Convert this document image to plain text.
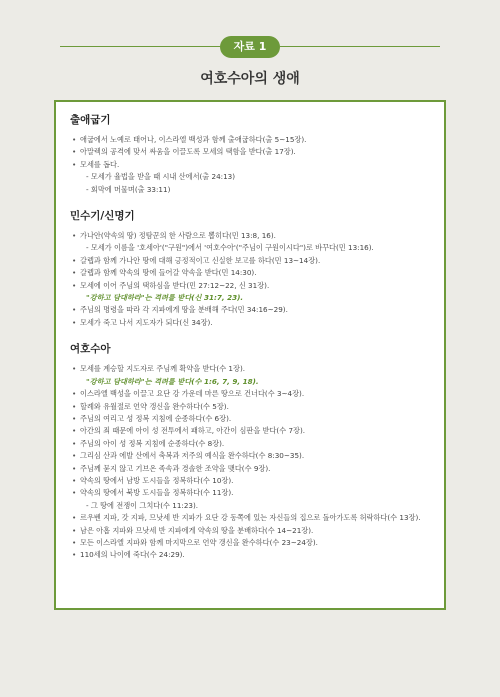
자료 1
여호수아의 생애
출애굽기
• 애굽에서 노예로 태어나, 이스라엘 백성과 함께 출애굽하다(출 5~15장).
• 아말렉의 공격에 맞서 싸움을 이끌도록 모세의 택함을 받다(출 17장).
• 모세를 돕다.
- 모세가 율법을 받을 때 시내 산에서(출 24:13)
- 회막에 머물며(출 33:11)
민수기/신명기
• 가나안(약속의 땅) 정탐꾼의 한 사람으로 뽑히다(민 13:8, 16).
- 모세가 이름을 '호세아'("구원")에서 '여호수아'("주님이 구원이시다")로 바꾸다(민 13:16).
• 갈렙과 함께 가나안 땅에 대해 긍정적이고 신실한 보고를 하다(민 13~14장).
• 갈렙과 함께 약속의 땅에 들어갈 약속을 받다(민 14:30).
• 모세에 이어 주님의 택하심을 받다(민 27:12~22, 신 31장).
"강하고 담대하라"는 격려를 받다(신 31:7, 23).
• 주님의 명령을 따라 각 지파에게 땅을 분배해 주다(민 34:16~29).
• 모세가 죽고 나서 지도자가 되다(신 34장).
여호수아
• 모세를 계승할 지도자로 주님께 확약을 받다(수 1장).
"강하고 담대하라"는 격려를 받다(수 1:6, 7, 9, 18).
• 이스라엘 백성을 이끌고 요단 강 가운데 마른 땅으로 건너다(수 3~4장).
• 할례와 유월절로 언약 갱신을 완수하다(수 5장).
• 주님의 여리고 성 정복 지침에 순종하다(수 6장).
• 아간의 죄 때문에 아이 성 전투에서 패하고, 아간이 심판을 받다(수 7장).
• 주님의 아이 성 정복 지침에 순종하다(수 8장).
• 그리심 산과 에발 산에서 축복과 저주의 예식을 완수하다(수 8:30~35).
• 주님께 묻지 않고 기브온 족속과 경솔한 조약을 맺다(수 9장).
• 약속의 땅에서 남방 도시들을 정복하다(수 10장).
• 약속의 땅에서 북방 도시들을 정복하다(수 11장).
- 그 땅에 전쟁이 그치다(수 11:23).
• 르우벤 지파, 갓 지파, 므낫세 반 지파가 요단 강 동쪽에 있는 자신들의 집으로 돌아가도록 허락하다(수 13장).
• 남은 아홉 지파와 므낫세 반 지파에게 약속의 땅을 분배하다(수 14~21장).
• 모든 이스라엘 지파와 함께 마지막으로 언약 갱신을 완수하다(수 23~24장).
• 110세의 나이에 죽다(수 24:29).
